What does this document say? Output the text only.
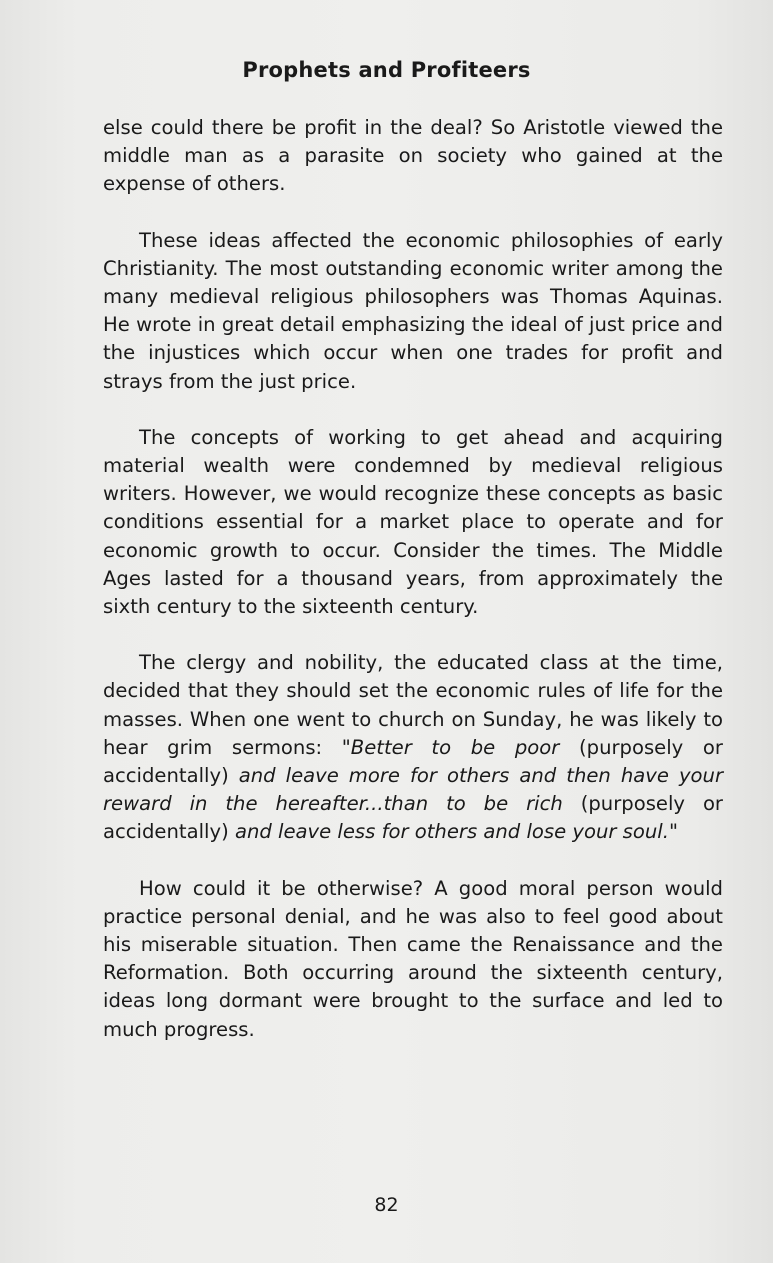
Prophets and Profiteers

else could there be profit in the deal? So Aristotle viewed the middle man as a parasite on society who gained at the expense of others.

These ideas affected the economic philosophies of early Christianity. The most outstanding economic writer among the many medieval religious philosophers was Thomas Aquinas. He wrote in great detail emphasizing the ideal of just price and the injustices which occur when one trades for profit and strays from the just price.

The concepts of working to get ahead and acquiring material wealth were condemned by medieval religious writers. However, we would recognize these concepts as basic conditions essential for a market place to operate and for economic growth to occur. Consider the times. The Middle Ages lasted for a thousand years, from approximately the sixth century to the sixteenth century.

The clergy and nobility, the educated class at the time, decided that they should set the economic rules of life for the masses. When one went to church on Sunday, he was likely to hear grim sermons: "Better to be poor (purposely or accidentally) and leave more for others and then have your reward in the hereafter...than to be rich (purposely or accidentally) and leave less for others and lose your soul."

How could it be otherwise? A good moral person would practice personal denial, and he was also to feel good about his miserable situation. Then came the Renaissance and the Reformation. Both occurring around the sixteenth century, ideas long dormant were brought to the surface and led to much progress.

82
